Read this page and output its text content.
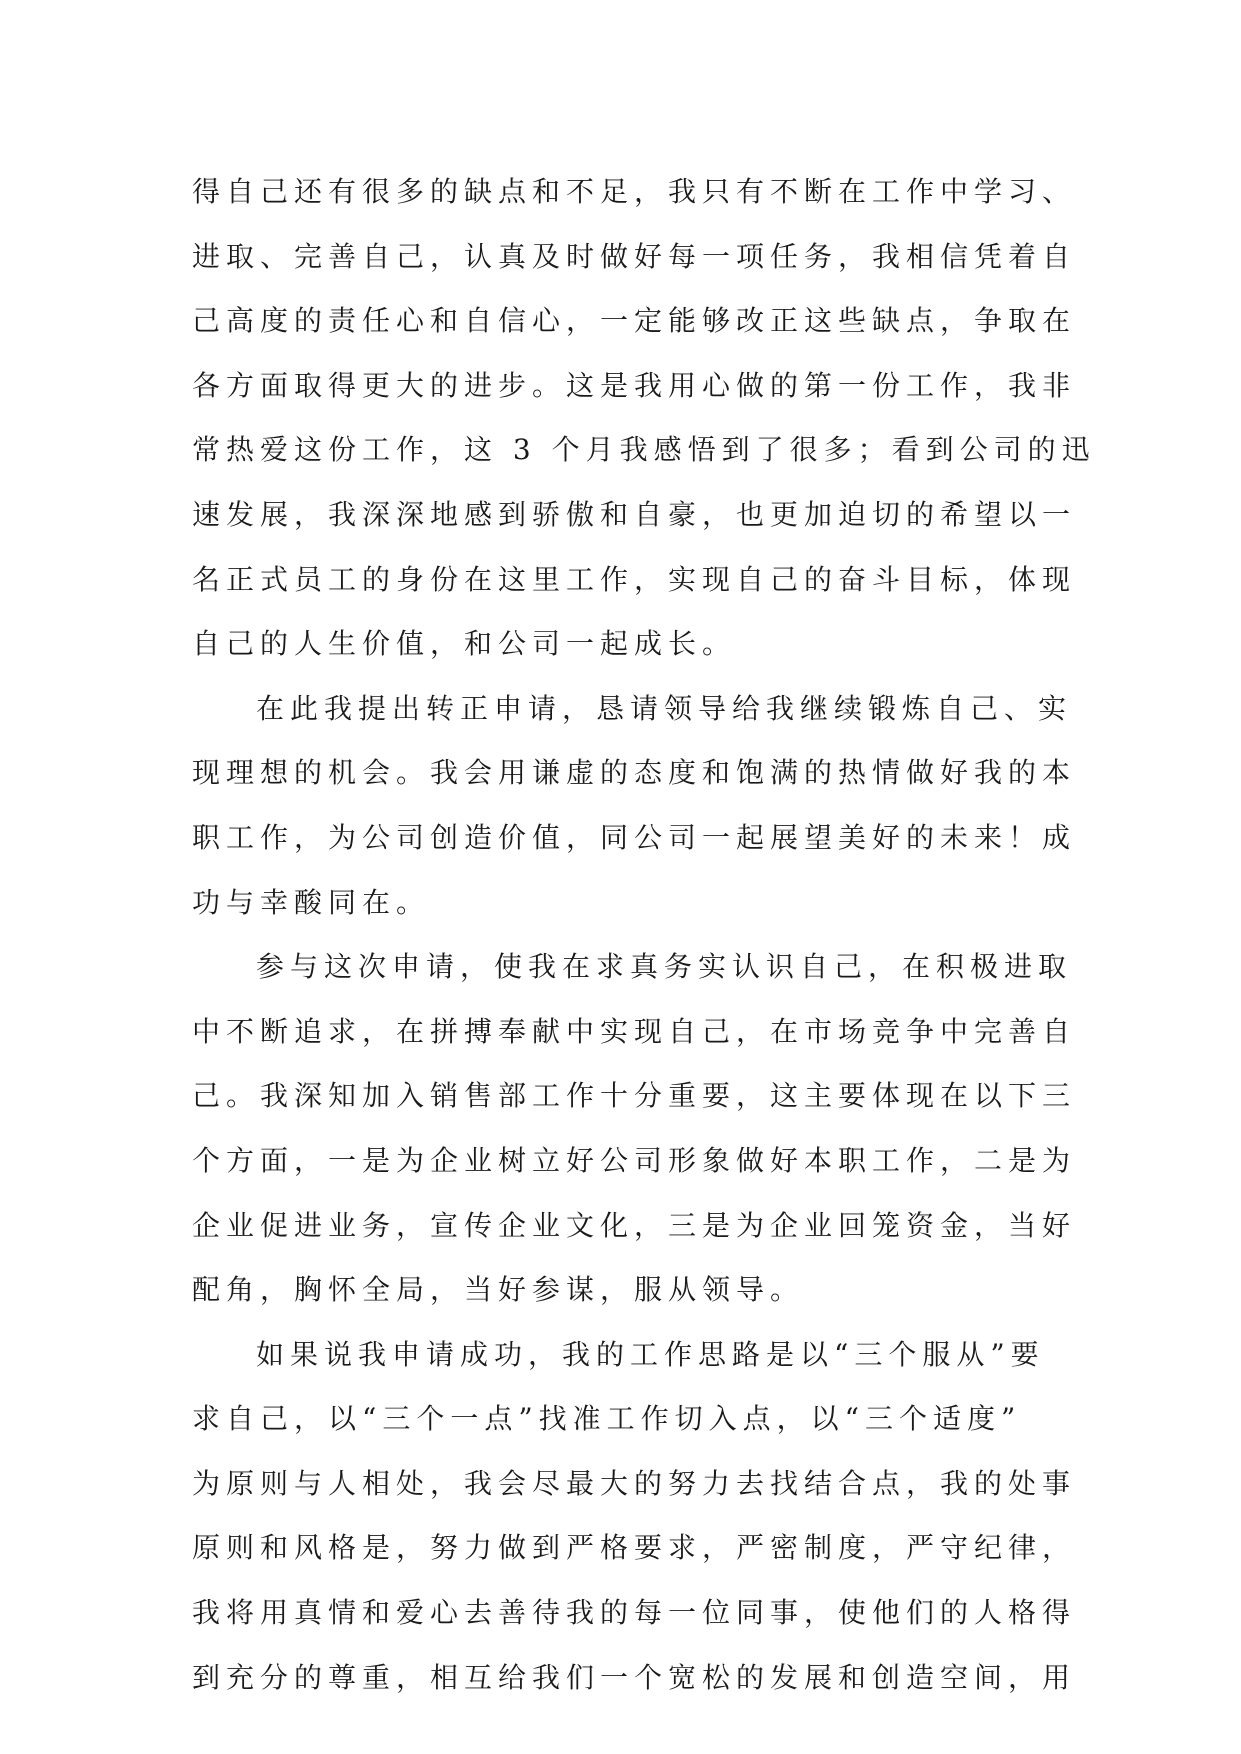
得自己还有很多的缺点和不足，我只有不断在工作中学习、
进取、完善自己，认真及时做好每一项任务，我相信凭着自
己高度的责任心和自信心，一定能够改正这些缺点，争取在
各方面取得更大的进步。这是我用心做的第一份工作，我非
常热爱这份工作，这 3 个月我感悟到了很多；看到公司的迅
速发展，我深深地感到骄傲和自豪，也更加迫切的希望以一
名正式员工的身份在这里工作，实现自己的奋斗目标，体现
自己的人生价值，和公司一起成长。
在此我提出转正申请，恳请领导给我继续锻炼自己、实
现理想的机会。我会用谦虚的态度和饱满的热情做好我的本
职工作，为公司创造价值，同公司一起展望美好的未来！成
功与幸酸同在。
参与这次申请，使我在求真务实认识自己，在积极进取
中不断追求，在拼搏奉献中实现自己，在市场竞争中完善自
己。我深知加入销售部工作十分重要，这主要体现在以下三
个方面，一是为企业树立好公司形象做好本职工作，二是为
企业促进业务，宣传企业文化，三是为企业回笼资金，当好
配角，胸怀全局，当好参谋，服从领导。
如果说我申请成功，我的工作思路是以“三个服从”要
求自己，以“三个一点”找准工作切入点，以“三个适度”
为原则与人相处，我会尽最大的努力去找结合点，我的处事
原则和风格是，努力做到严格要求，严密制度，严守纪律，
我将用真情和爱心去善待我的每一位同事，使他们的人格得
到充分的尊重，相互给我们一个宽松的发展和创造空间，用
